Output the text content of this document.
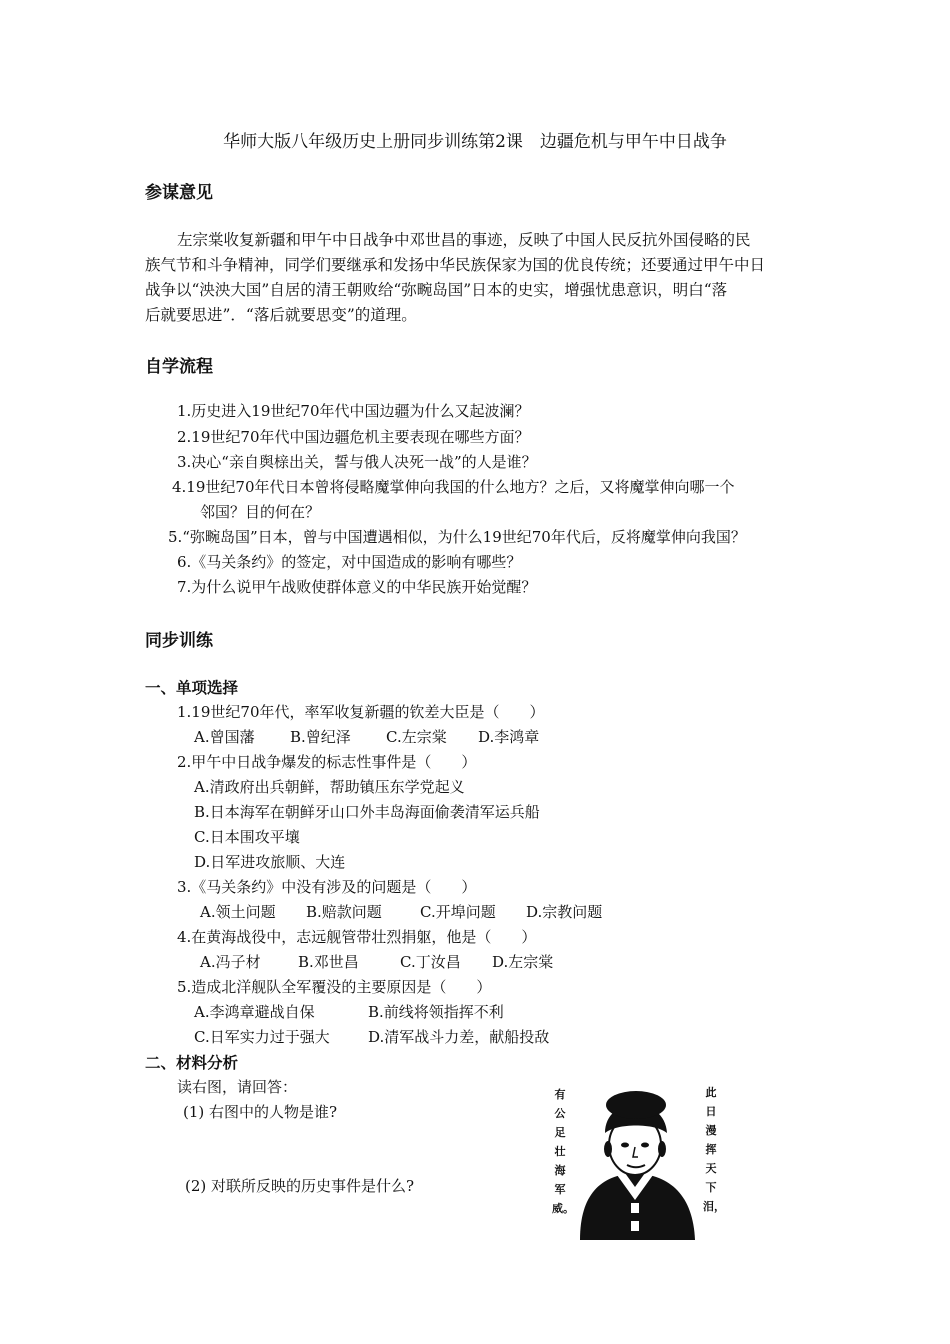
华师大版八年级历史上册同步训练第2课　边疆危机与甲午中日战争
参谋意见
左宗棠收复新疆和甲午中日战争中邓世昌的事迹，反映了中国人民反抗外国侵略的民
族气节和斗争精神，同学们要继承和发扬中华民族保家为国的优良传统；还要通过甲午中日
战争以“泱泱大国”自居的清王朝败给“弥畹岛国”日本的史实，增强忧患意识，明白“落
后就要思进”．“落后就要思变”的道理。
自学流程
1.历史进入19世纪70年代中国边疆为什么又起波澜？
2.19世纪70年代中国边疆危机主要表现在哪些方面？
3.决心“亲自舆榇出关，誓与俄人决死一战”的人是谁？
4.19世纪70年代日本曾将侵略魔掌伸向我国的什么地方？之后，又将魔掌伸向哪一个
邻国？目的何在？
5.“弥畹岛国”日本，曾与中国遭遇相似，为什么19世纪70年代后，反将魔掌伸向我国？
6.《马关条约》的签定，对中国造成的影响有哪些？
7.为什么说甲午战败使群体意义的中华民族开始觉醒？
同步训练
一、单项选择
1.19世纪70年代，率军收复新疆的钦差大臣是（　　）
A.曾国藩 B.曾纪泽 C.左宗棠 D.李鸿章
2.甲午中日战争爆发的标志性事件是（　　）
A.清政府出兵朝鲜，帮助镇压东学党起义
B.日本海军在朝鲜牙山口外丰岛海面偷袭清军运兵船
C.日本围攻平壤
D.日军进攻旅顺、大连
3.《马关条约》中没有涉及的问题是（　　）
A.领土问题 B.赔款问题	C.开埠问题 D.宗教问题
4.在黄海战役中，志远舰管带壮烈捐躯，他是（　　）
A.冯子材 B.邓世昌	C.丁汝昌 D.左宗棠
5.造成北洋舰队全军覆没的主要原因是（　　）
A.李鸿章避战自保	B.前线将领指挥不利
C.日军实力过于强大	D.清军战斗力差，献船投敌
二、材料分析
读右图，请回答：
(1) 右图中的人物是谁?
(2) 对联所反映的历史事件是什么?
有公足壮海军威。
此日漫挥天下泪，
